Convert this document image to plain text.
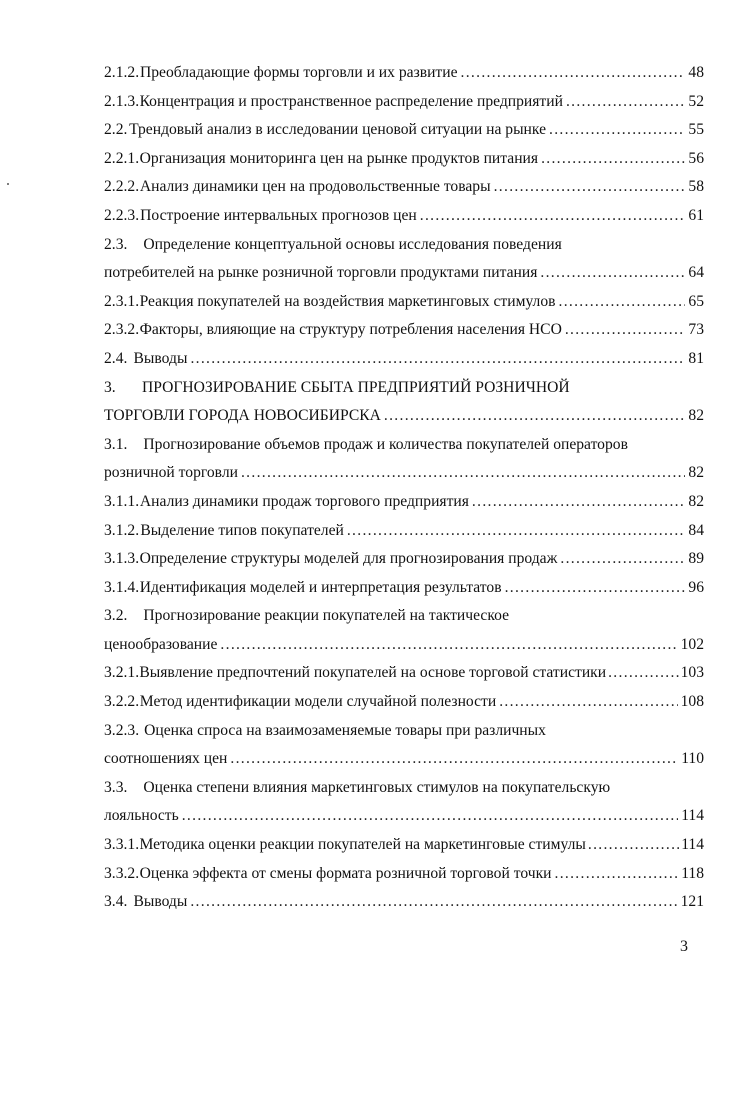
2.1.2. Преобладающие формы торговли и их развитие .....	48
2.1.3. Концентрация и пространственное распределение предприятий .....	52
2.2. Трендовый анализ в исследовании ценовой ситуации на рынке .....	55
2.2.1. Организация мониторинга цен на рынке продуктов питания .....	56
2.2.2. Анализ динамики цен на продовольственные товары .....	58
2.2.3. Построение интервальных прогнозов цен .....	61
2.3. Определение концептуальной основы исследования поведения
потребителей на рынке розничной торговли продуктами питания .....	64
2.3.1. Реакция покупателей на воздействия маркетинговых стимулов .....	65
2.3.2. Факторы, влияющие на структуру потребления населения НСО .....	73
2.4. Выводы .....	81
3.	ПРОГНОЗИРОВАНИЕ СБЫТА ПРЕДПРИЯТИЙ РОЗНИЧНОЙ
ТОРГОВЛИ ГОРОДА НОВОСИБИРСКА .....	82
3.1. Прогнозирование объемов продаж и количества покупателей операторов
розничной торговли .....	82
3.1.1. Анализ динамики продаж торгового предприятия .....	82
3.1.2. Выделение типов покупателей .....	84
3.1.3. Определение структуры моделей для прогнозирования продаж .....	89
3.1.4. Идентификация моделей и интерпретация результатов .....	96
3.2. Прогнозирование реакции покупателей на тактическое
ценообразование .....	102
3.2.1. Выявление предпочтений покупателей на основе торговой статистики .....	103
3.2.2. Метод идентификации модели случайной полезности .....	108
3.2.3. Оценка спроса на взаимозаменяемые товары при различных
соотношениях цен .....	110
3.3. Оценка степени влияния маркетинговых стимулов на покупательскую
лояльность .....	114
3.3.1. Методика оценки реакции покупателей на маркетинговые стимулы .....	114
3.3.2. Оценка эффекта от смены формата розничной торговой точки .....	118
3.4. Выводы .....	121
3
